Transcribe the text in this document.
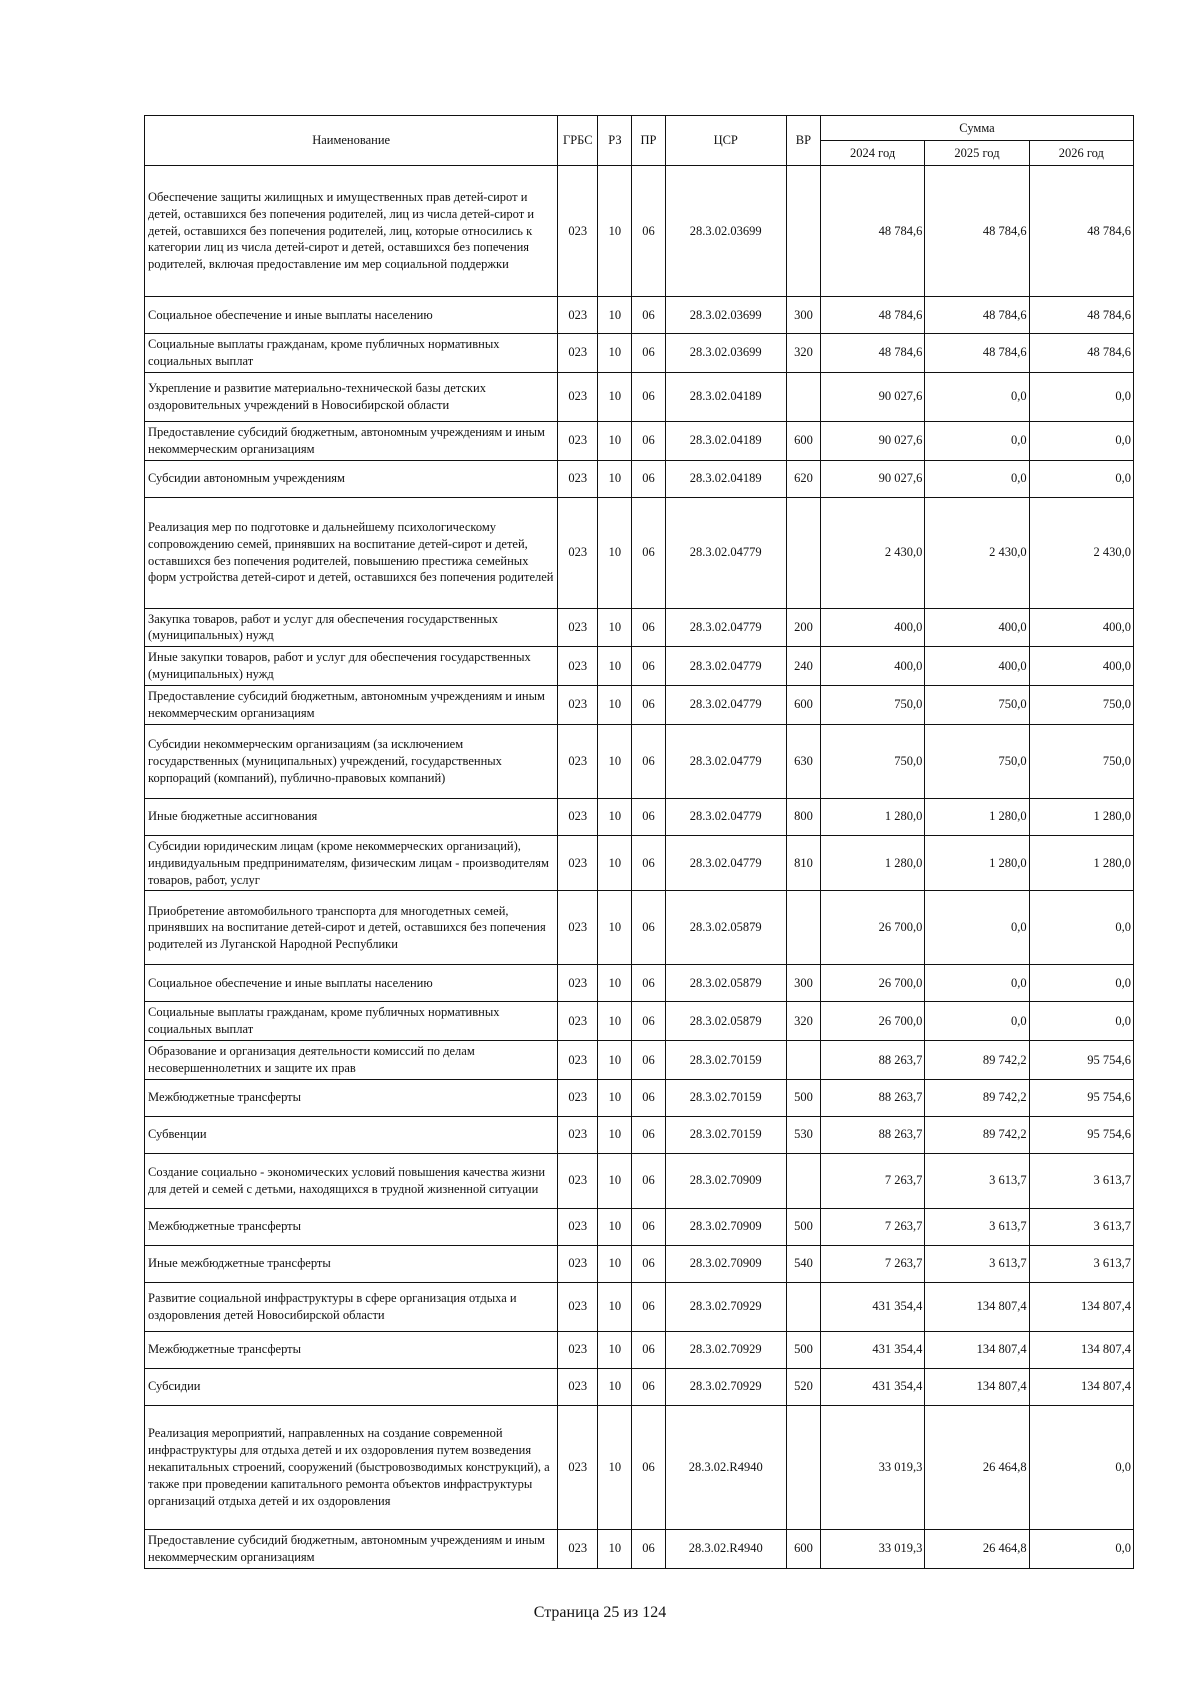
Наименование	ГРБС	РЗ	ПР	ЦСР	ВР	Сумма		
						2024 год	2025 год	2026 год
Обеспечение защиты жилищных и имущественных прав детей-сирот и детей, оставшихся без попечения родителей, лиц из числа детей-сирот и детей, оставшихся без попечения родителей, лиц, которые относились к категории лиц из числа детей-сирот и детей, оставшихся без попечения родителей, включая предоставление им мер социальной поддержки	023	10	06	28.3.02.03699		48 784,6	48 784,6	48 784,6
Социальное обеспечение и иные выплаты населению	023	10	06	28.3.02.03699	300	48 784,6	48 784,6	48 784,6
Социальные выплаты гражданам, кроме публичных нормативных социальных выплат	023	10	06	28.3.02.03699	320	48 784,6	48 784,6	48 784,6
Укрепление и развитие материально-технической базы детских оздоровительных учреждений в Новосибирской области	023	10	06	28.3.02.04189		90 027,6	0,0	0,0
Предоставление субсидий бюджетным, автономным учреждениям и иным некоммерческим организациям	023	10	06	28.3.02.04189	600	90 027,6	0,0	0,0
Субсидии автономным учреждениям	023	10	06	28.3.02.04189	620	90 027,6	0,0	0,0
Реализация мер по подготовке и дальнейшему психологическому сопровождению семей, принявших на воспитание детей-сирот и детей, оставшихся без попечения родителей, повышению престижа семейных форм устройства детей-сирот и детей, оставшихся без попечения родителей	023	10	06	28.3.02.04779		2 430,0	2 430,0	2 430,0
Закупка товаров, работ и услуг для обеспечения государственных (муниципальных) нужд	023	10	06	28.3.02.04779	200	400,0	400,0	400,0
Иные закупки товаров, работ и услуг для обеспечения государственных (муниципальных) нужд	023	10	06	28.3.02.04779	240	400,0	400,0	400,0
Предоставление субсидий бюджетным, автономным учреждениям и иным некоммерческим организациям	023	10	06	28.3.02.04779	600	750,0	750,0	750,0
Субсидии некоммерческим организациям (за исключением государственных (муниципальных) учреждений, государственных корпораций (компаний), публично-правовых компаний)	023	10	06	28.3.02.04779	630	750,0	750,0	750,0
Иные бюджетные ассигнования	023	10	06	28.3.02.04779	800	1 280,0	1 280,0	1 280,0
Субсидии юридическим лицам (кроме некоммерческих организаций), индивидуальным предпринимателям, физическим лицам - производителям товаров, работ, услуг	023	10	06	28.3.02.04779	810	1 280,0	1 280,0	1 280,0
Приобретение автомобильного транспорта для многодетных семей, принявших на воспитание детей-сирот и детей, оставшихся без попечения родителей из Луганской Народной Республики	023	10	06	28.3.02.05879		26 700,0	0,0	0,0
Социальное обеспечение и иные выплаты населению	023	10	06	28.3.02.05879	300	26 700,0	0,0	0,0
Социальные выплаты гражданам, кроме публичных нормативных социальных выплат	023	10	06	28.3.02.05879	320	26 700,0	0,0	0,0
Образование и организация деятельности комиссий по делам несовершеннолетних и защите их прав	023	10	06	28.3.02.70159		88 263,7	89 742,2	95 754,6
Межбюджетные трансферты	023	10	06	28.3.02.70159	500	88 263,7	89 742,2	95 754,6
Субвенции	023	10	06	28.3.02.70159	530	88 263,7	89 742,2	95 754,6
Создание социально - экономических условий повышения качества жизни для детей и семей с детьми, находящихся в трудной жизненной ситуации	023	10	06	28.3.02.70909		7 263,7	3 613,7	3 613,7
Межбюджетные трансферты	023	10	06	28.3.02.70909	500	7 263,7	3 613,7	3 613,7
Иные межбюджетные трансферты	023	10	06	28.3.02.70909	540	7 263,7	3 613,7	3 613,7
Развитие социальной инфраструктуры в сфере организация отдыха и оздоровления детей Новосибирской области	023	10	06	28.3.02.70929		431 354,4	134 807,4	134 807,4
Межбюджетные трансферты	023	10	06	28.3.02.70929	500	431 354,4	134 807,4	134 807,4
Субсидии	023	10	06	28.3.02.70929	520	431 354,4	134 807,4	134 807,4
Реализация мероприятий, направленных на создание современной инфраструктуры для отдыха детей и их оздоровления путем возведения некапитальных строений, сооружений (быстровозводимых конструкций), а также при проведении капитального ремонта объектов инфраструктуры организаций отдыха детей и их оздоровления	023	10	06	28.3.02.R4940		33 019,3	26 464,8	0,0
Предоставление субсидий бюджетным, автономным учреждениям и иным некоммерческим организациям	023	10	06	28.3.02.R4940	600	33 019,3	26 464,8	0,0
Страница 25 из 124
